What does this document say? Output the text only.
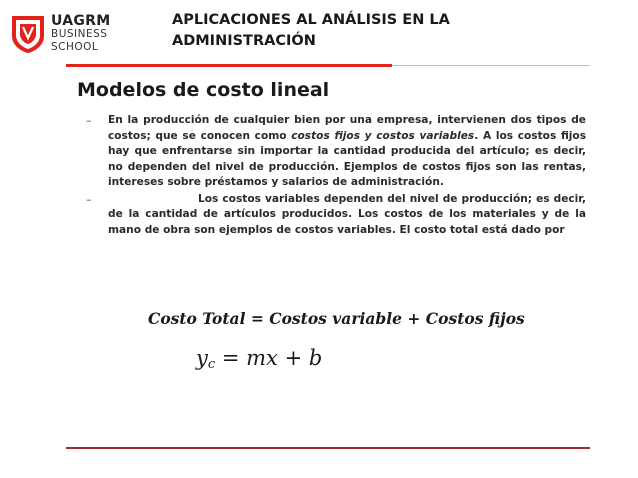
UAGRM
BUSINESS
SCHOOL
APLICACIONES AL ANÁLISIS EN LA
ADMINISTRACIÓN
Modelos de costo lineal
–	En la producción de cualquier bien por una empresa, intervienen dos tipos de costos; que se conocen como costos fijos y costos variables. A los costos fijos hay que enfrentarse sin importar la cantidad producida del artículo; es decir, no dependen del nivel de producción. Ejemplos de costos fijos son las rentas, intereses sobre préstamos y salarios de administración.
–	Los costos variables dependen del nivel de producción; es decir, de la cantidad de artículos producidos. Los costos de los materiales y de la mano de obra son ejemplos de costos variables. El costo total está dado por
Costo Total = Costos variable + Costos fijos
$y_c$ = mx + b
